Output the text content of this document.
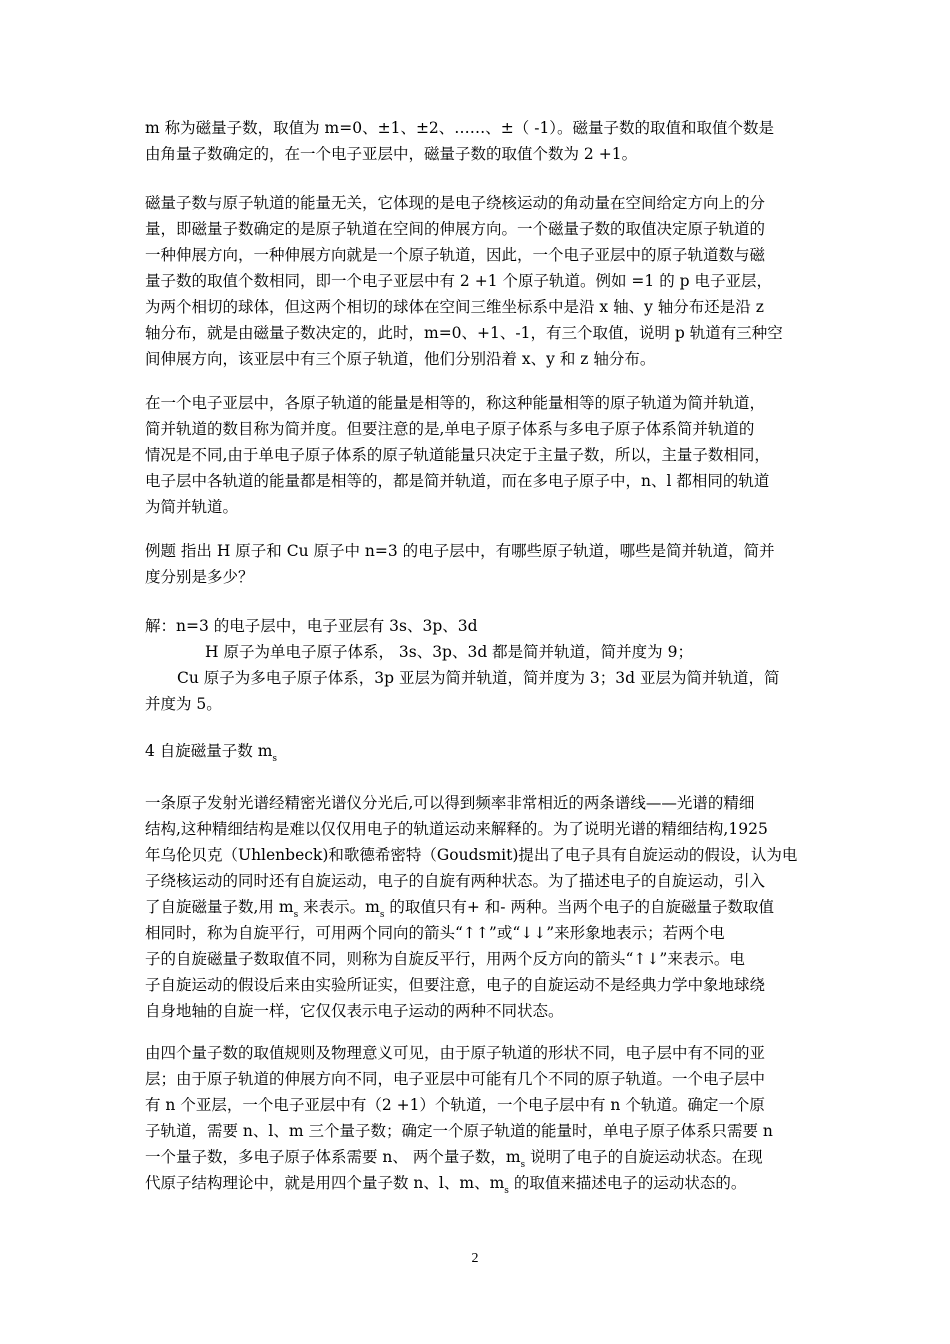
m 称为磁量子数，取值为 m=0、±1、±2、……、±（ -1）。磁量子数的取值和取值个数是
由角量子数确定的，在一个电子亚层中，磁量子数的取值个数为 2 +1。

磁量子数与原子轨道的能量无关，它体现的是电子绕核运动的角动量在空间给定方向上的分
量，即磁量子数确定的是原子轨道在空间的伸展方向。一个磁量子数的取值决定原子轨道的
一种伸展方向，一种伸展方向就是一个原子轨道，因此，一个电子亚层中的原子轨道数与磁
量子数的取值个数相同，即一个电子亚层中有 2 +1 个原子轨道。例如 =1 的 p 电子亚层，
为两个相切的球体，但这两个相切的球体在空间三维坐标系中是沿 x 轴、y 轴分布还是沿 z
轴分布，就是由磁量子数决定的，此时，m=0、+1、-1，有三个取值，说明 p 轨道有三种空
间伸展方向，该亚层中有三个原子轨道，他们分别沿着 x、y 和 z 轴分布。

在一个电子亚层中，各原子轨道的能量是相等的，称这种能量相等的原子轨道为简并轨道，
简并轨道的数目称为简并度。但要注意的是,单电子原子体系与多电子原子体系简并轨道的
情况是不同,由于单电子原子体系的原子轨道能量只决定于主量子数，所以，主量子数相同，
电子层中各轨道的能量都是相等的，都是简并轨道，而在多电子原子中，n、l 都相同的轨道
为简并轨道。

例题 指出 H 原子和 Cu 原子中 n=3 的电子层中，有哪些原子轨道，哪些是简并轨道，简并
度分别是多少？

解：n=3 的电子层中，电子亚层有 3s、3p、3d
H 原子为单电子原子体系， 3s、3p、3d 都是简并轨道，简并度为 9；
Cu 原子为多电子原子体系，3p 亚层为简并轨道，简并度为 3；3d 亚层为简并轨道，简
并度为 5。

4 自旋磁量子数 $m_s$

一条原子发射光谱经精密光谱仪分光后,可以得到频率非常相近的两条谱线——光谱的精细
结构,这种精细结构是难以仅仅用电子的轨道运动来解释的。为了说明光谱的精细结构,1925
年乌伦贝克（Uhlenbeck)和歌德希密特（Goudsmit)提出了电子具有自旋运动的假设，认为电
子绕核运动的同时还有自旋运动，电子的自旋有两种状态。为了描述电子的自旋运动，引入
了自旋磁量子数,用 $m_s$ 来表示。$m_s$ 的取值只有+ 和- 两种。当两个电子的自旋磁量子数取值
相同时，称为自旋平行，可用两个同向的箭头“↑↑”或“↓↓”来形象地表示；若两个电
子的自旋磁量子数取值不同，则称为自旋反平行，用两个反方向的箭头“↑↓”来表示。电
子自旋运动的假设后来由实验所证实，但要注意，电子的自旋运动不是经典力学中象地球绕
自身地轴的自旋一样，它仅仅表示电子运动的两种不同状态。

由四个量子数的取值规则及物理意义可见，由于原子轨道的形状不同，电子层中有不同的亚
层；由于原子轨道的伸展方向不同，电子亚层中可能有几个不同的原子轨道。一个电子层中
有 n 个亚层，一个电子亚层中有（2 +1）个轨道，一个电子层中有 n 个轨道。确定一个原
子轨道，需要 n、l、m 三个量子数；确定一个原子轨道的能量时，单电子原子体系只需要 n
一个量子数，多电子原子体系需要 n、 两个量子数，$m_s$ 说明了电子的自旋运动状态。在现
代原子结构理论中，就是用四个量子数 n、l、m、$m_s$ 的取值来描述电子的运动状态的。

2
